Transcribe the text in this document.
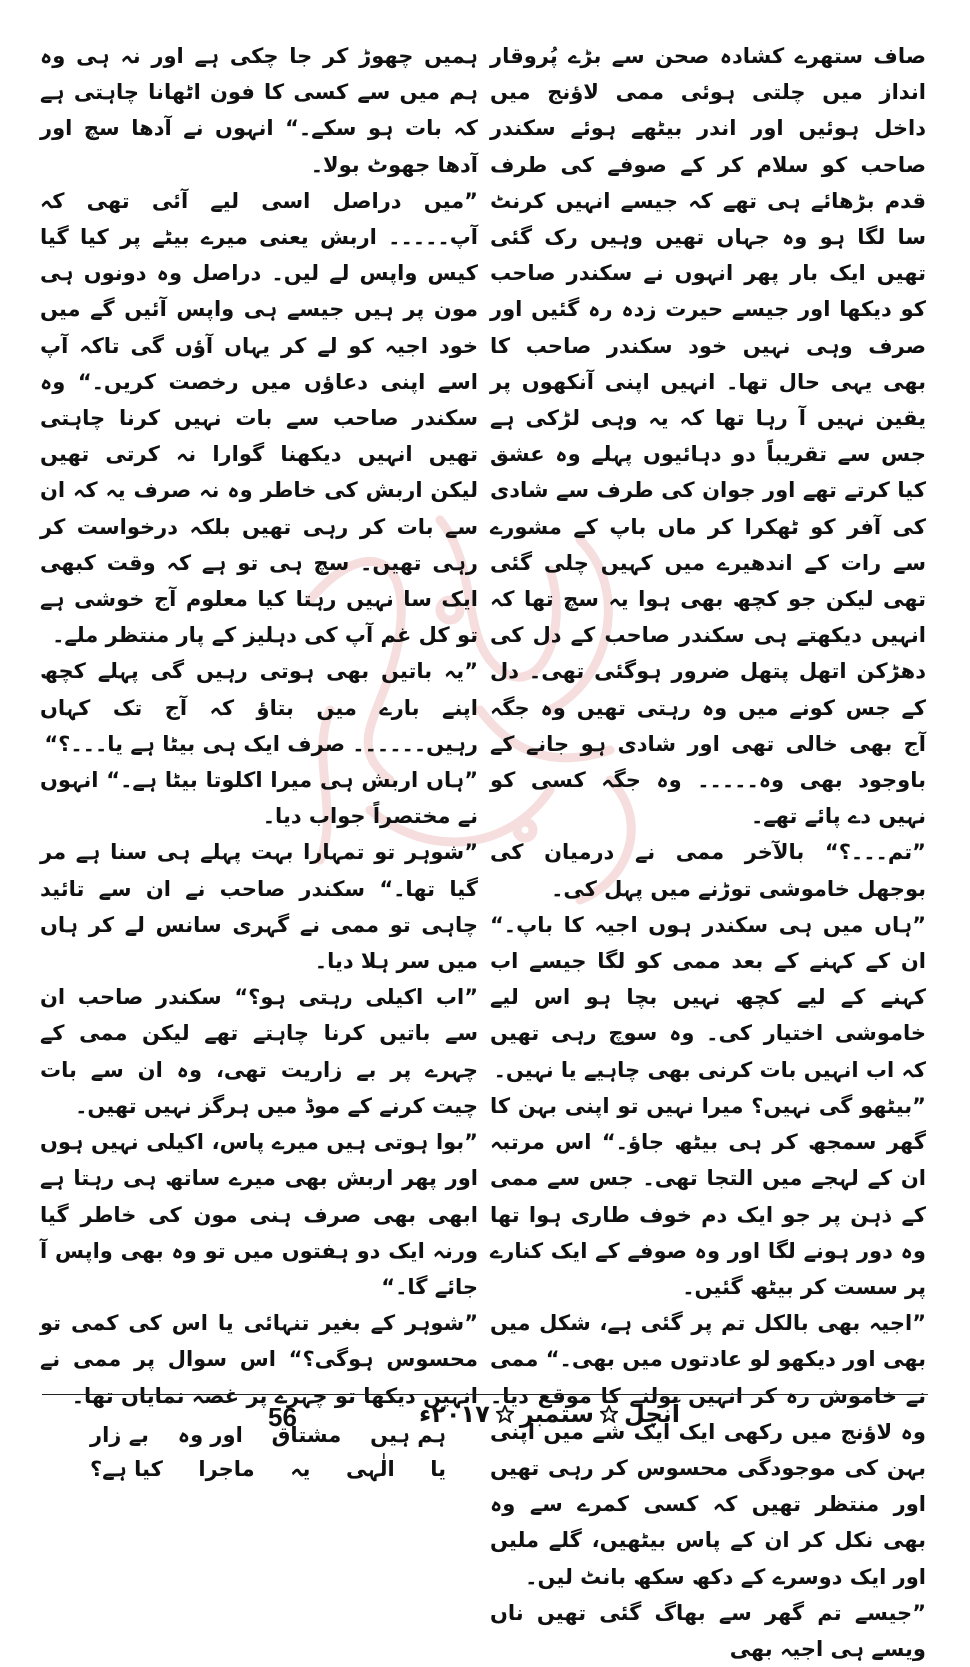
صاف ستھرے کشادہ صحن سے بڑے پُروقار انداز میں چلتی ہوئی ممی لاؤنج میں داخل ہوئیں اور اندر بیٹھے ہوئے سکندر صاحب کو سلام کر کے صوفے کی طرف قدم بڑھائے ہی تھے کہ جیسے انہیں کرنٹ سا لگا ہو وہ جہاں تھیں وہیں رک گئی تھیں ایک بار پھر انہوں نے سکندر صاحب کو دیکھا اور جیسے حیرت زدہ رہ گئیں اور صرف وہی نہیں خود سکندر صاحب کا بھی یہی حال تھا۔ انہیں اپنی آنکھوں پر یقین نہیں آ رہا تھا کہ یہ وہی لڑکی ہے جس سے تقریباً دو دہائیوں پہلے وہ عشق کیا کرتے تھے اور جوان کی طرف سے شادی کی آفر کو ٹھکرا کر ماں باپ کے مشورے سے رات کے اندھیرے میں کہیں چلی گئی تھی لیکن جو کچھ بھی ہوا یہ سچ تھا کہ انہیں دیکھتے ہی سکندر صاحب کے دل کی دھڑکن اتھل پتھل ضرور ہوگئی تھی۔ دل کے جس کونے میں وہ رہتی تھیں وہ جگہ آج بھی خالی تھی اور شادی ہو جانے کے باوجود بھی وہ۔۔۔۔۔ وہ جگہ کسی کو نہیں دے پائے تھے۔

”تم۔۔۔؟“ بالآخر ممی نے درمیان کی بوجھل خاموشی توڑنے میں پہل کی۔

”ہاں میں ہی سکندر ہوں اجیہ کا باپ۔“ ان کے کہنے کے بعد ممی کو لگا جیسے اب کہنے کے لیے کچھ نہیں بچا ہو اس لیے خاموشی اختیار کی۔ وہ سوچ رہی تھیں کہ اب انہیں بات کرنی بھی چاہیے یا نہیں۔

”بیٹھو گی نہیں؟ میرا نہیں تو اپنی بہن کا گھر سمجھ کر ہی بیٹھ جاؤ۔“ اس مرتبہ ان کے لہجے میں التجا تھی۔ جس سے ممی کے ذہن پر جو ایک دم خوف طاری ہوا تھا وہ دور ہونے لگا اور وہ صوفے کے ایک کنارے پر سست کر بیٹھ گئیں۔

”اجیہ بھی بالکل تم پر گئی ہے، شکل میں بھی اور دیکھو لو عادتوں میں بھی۔“ ممی نے خاموش رہ کر انہیں بولنے کا موقع دیا۔ وہ لاؤنج میں رکھی ایک ایک شے میں اپنی بہن کی موجودگی محسوس کر رہی تھیں اور منتظر تھیں کہ کسی کمرے سے وہ بھی نکل کر ان کے پاس بیٹھیں، گلے ملیں اور ایک دوسرے کے دکھ سکھ بانٹ لیں۔

”جیسے تم گھر سے بھاگ گئی تھیں ناں ویسے ہی اجیہ بھی

ہمیں چھوڑ کر جا چکی ہے اور نہ ہی وہ ہم میں سے کسی کا فون اٹھانا چاہتی ہے کہ بات ہو سکے۔“ انہوں نے آدھا سچ اور آدھا جھوٹ بولا۔

”میں دراصل اسی لیے آئی تھی کہ آپ۔۔۔۔۔ اربش یعنی میرے بیٹے پر کیا گیا کیس واپس لے لیں۔ دراصل وہ دونوں ہی مون پر ہیں جیسے ہی واپس آئیں گے میں خود اجیہ کو لے کر یہاں آؤں گی تاکہ آپ اسے اپنی دعاؤں میں رخصت کریں۔“ وہ سکندر صاحب سے بات نہیں کرنا چاہتی تھیں انہیں دیکھنا گوارا نہ کرتی تھیں لیکن اربش کی خاطر وہ نہ صرف یہ کہ ان سے بات کر رہی تھیں بلکہ درخواست کر رہی تھیں۔ سچ ہی تو ہے کہ وقت کبھی ایک سا نہیں رہتا کیا معلوم آج خوشی ہے تو کل غم آپ کی دہلیز کے پار منتظر ملے۔

”یہ باتیں بھی ہوتی رہیں گی پہلے کچھ اپنے بارے میں بتاؤ کہ آج تک کہاں رہیں۔۔۔۔۔۔ صرف ایک ہی بیٹا ہے یا۔۔۔؟“

”ہاں اربش ہی میرا اکلوتا بیٹا ہے۔“ انہوں نے مختصراً جواب دیا۔

”شوہر تو تمہارا بہت پہلے ہی سنا ہے مر گیا تھا۔“ سکندر صاحب نے ان سے تائید چاہی تو ممی نے گہری سانس لے کر ہاں میں سر ہلا دیا۔

”اب اکیلی رہتی ہو؟“ سکندر صاحب ان سے باتیں کرنا چاہتے تھے لیکن ممی کے چہرے پر بے زاریت تھی، وہ ان سے بات چیت کرنے کے موڈ میں ہرگز نہیں تھیں۔

”بوا ہوتی ہیں میرے پاس، اکیلی نہیں ہوں اور پھر اربش بھی میرے ساتھ ہی رہتا ہے ابھی بھی صرف ہنی مون کی خاطر گیا ورنہ ایک دو ہفتوں میں تو وہ بھی واپس آ جائے گا۔“

”شوہر کے بغیر تنہائی یا اس کی کمی تو محسوس ہوگی؟“ اس سوال پر ممی نے انہیں دیکھا تو چہرے پر غصہ نمایاں تھا۔

ہم ہیں
مشتاق
اور وہ
بے زار
یا
الٰہی
یہ
ماجرا
کیا ہے؟
56	آنچل
ستمبر
۲۰۱۷ء
